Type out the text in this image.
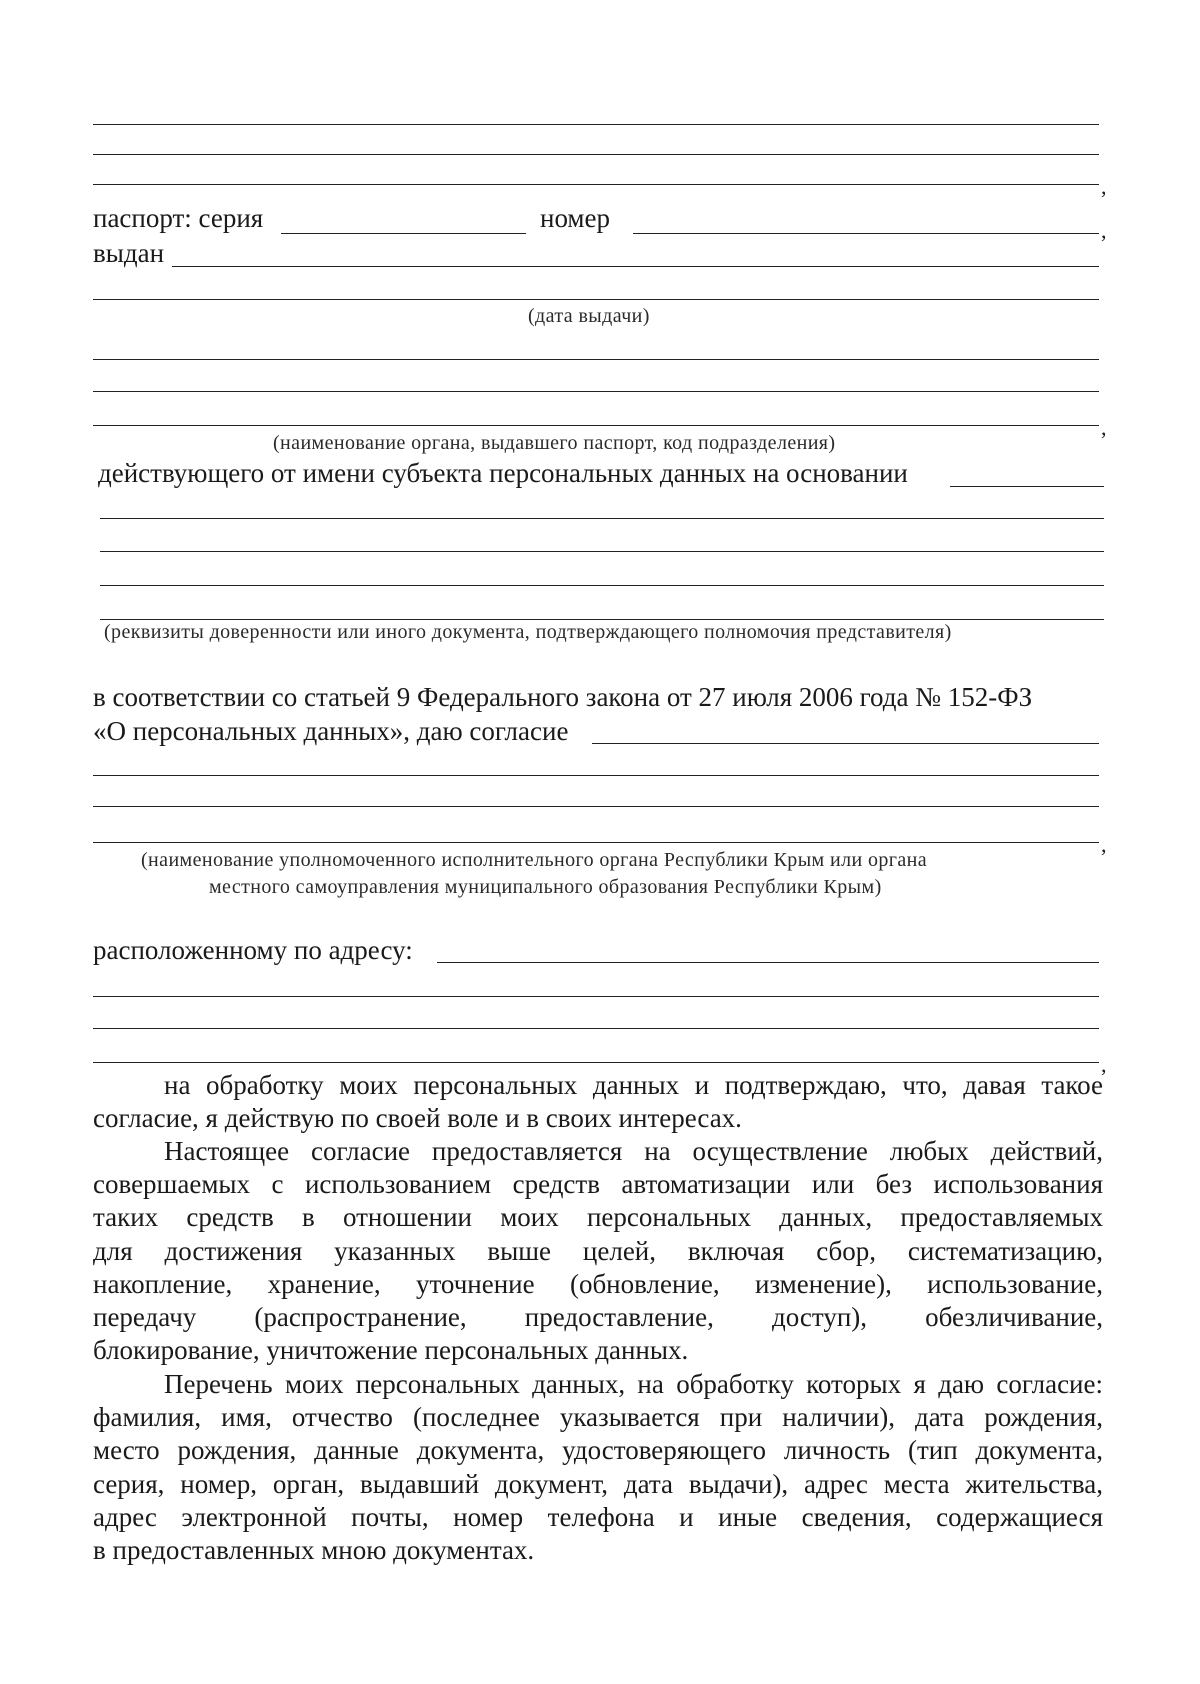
,
паспорт: серия	номер	,
выдан
(дата выдачи)
,
(наименование органа, выдавшего паспорт, код подразделения)
действующего от имени субъекта персональных данных на основании
(реквизиты доверенности или иного документа, подтверждающего полномочия представителя)
в соответствии со статьей 9 Федерального закона от 27 июля 2006 года № 152-ФЗ
«О персональных данных», даю согласие
,
(наименование уполномоченного исполнительного органа Республики Крым или органа
местного самоуправления муниципального образования Республики Крым)
расположенному по адресу:
,
на обработку моих персональных данных и подтверждаю, что, давая такое
согласие, я действую по своей воле и в своих интересах.
Настоящее согласие предоставляется на осуществление любых действий,
совершаемых с использованием средств автоматизации или без использования
таких средств в отношении моих персональных данных, предоставляемых
для достижения указанных выше целей, включая сбор, систематизацию,
накопление, хранение, уточнение (обновление, изменение), использование,
передачу (распространение, предоставление, доступ), обезличивание,
блокирование, уничтожение персональных данных.
Перечень моих персональных данных, на обработку которых я даю согласие:
фамилия, имя, отчество (последнее указывается при наличии), дата рождения,
место рождения, данные документа, удостоверяющего личность (тип документа,
серия, номер, орган, выдавший документ, дата выдачи), адрес места жительства,
адрес электронной почты, номер телефона и иные сведения, содержащиеся
в предоставленных мною документах.
